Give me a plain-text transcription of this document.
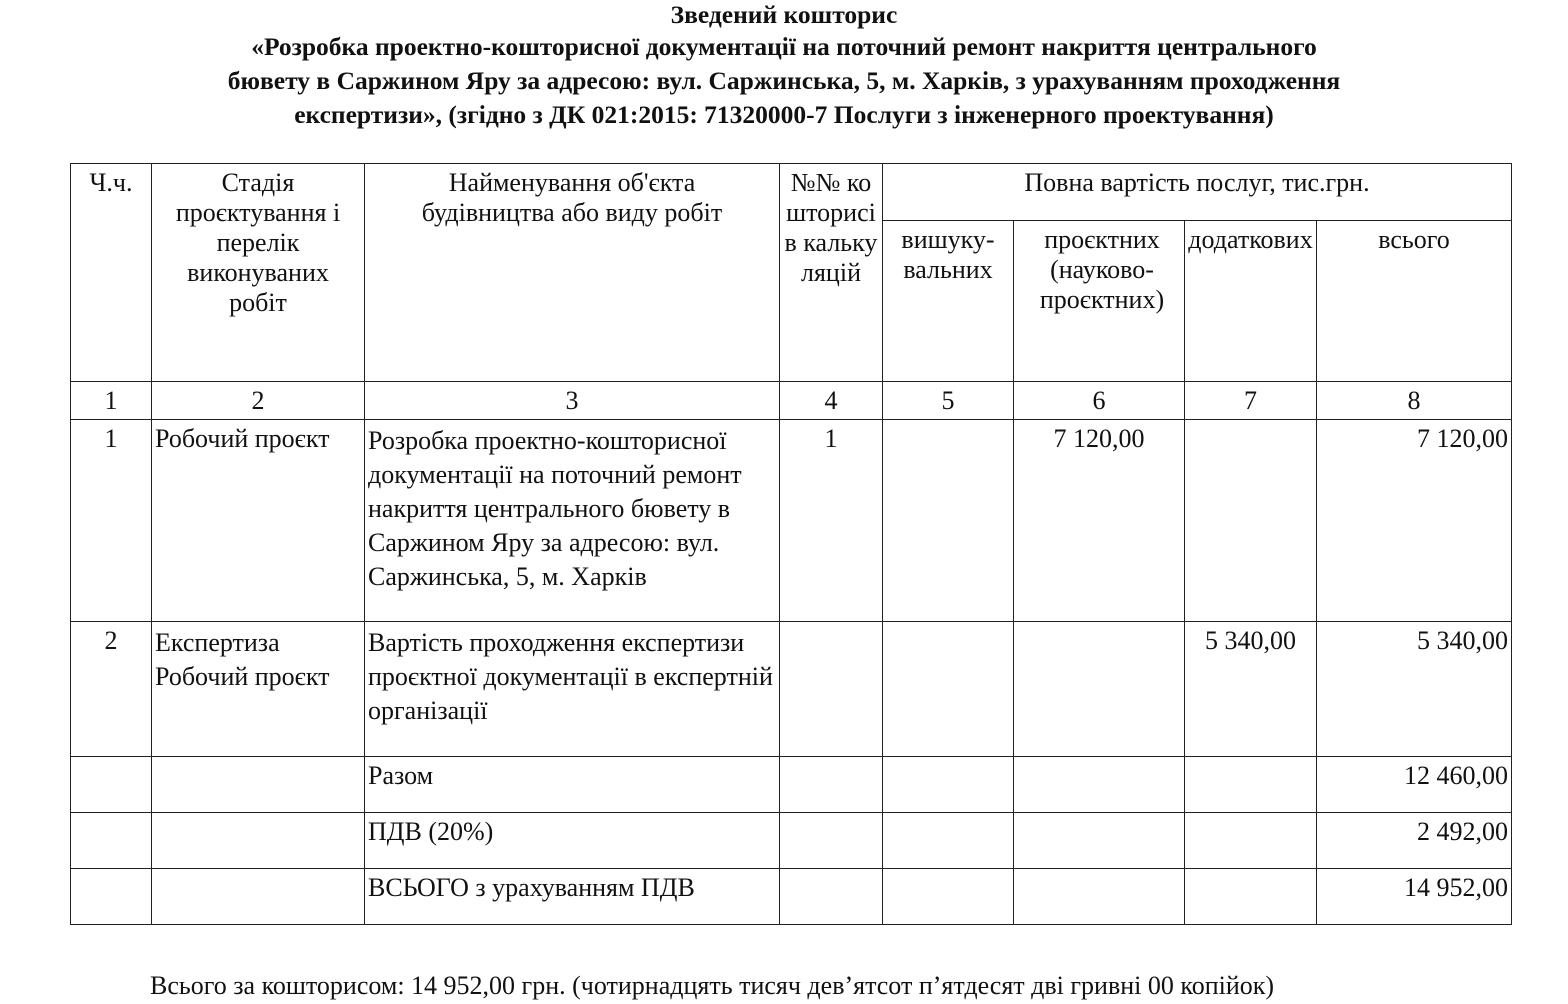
Зведений кошторис
«Розробка проектно-кошторисної документації на поточний ремонт накриття центрального
бювету в Саржином Яру за адресою: вул. Саржинська, 5, м. Харків, з урахуванням проходження
експертизи», (згідно з ДК 021:2015: 71320000-7 Послуги з інженерного проектування)
Ч.ч.	Стадія проєктування і перелік виконуваних робіт	Найменування об'єкта будівництва або виду робіт	№№ кошторисів калькуляцій	Повна вартість послуг, тис.грн.			
				вишуку-вальних	проєктних (науково-проєктних)	додаткових	всього
1	2	3	4	5	6	7	8
1	Робочий проєкт	Розробка проектно-кошторисної документації на поточний ремонт накриття центрального бювету в Саржином Яру за адресою: вул. Саржинська, 5, м. Харків	1		7 120,00		7 120,00
2	Експертиза Робочий проєкт	Вартість проходження експертизи проєктної документації в експертній організації				5 340,00	5 340,00
		Разом					12 460,00
		ПДВ (20%)					2 492,00
		ВСЬОГО з урахуванням ПДВ					14 952,00
Всього за кошторисом: 14 952,00 грн. (чотирнадцять тисяч дев’ятсот п’ятдесят дві гривні 00 копійок)
